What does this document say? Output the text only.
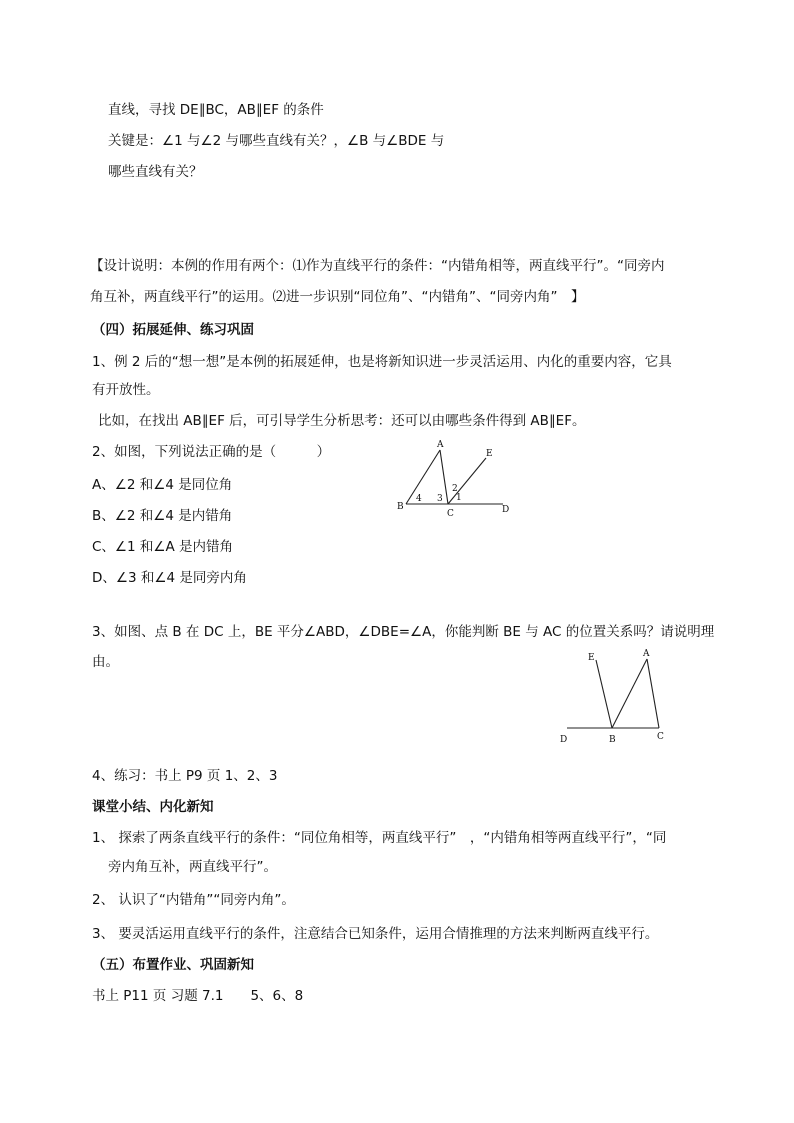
直线，寻找 DE∥BC，AB∥EF 的条件
关键是：∠1 与∠2 与哪些直线有关？，∠B 与∠BDE 与
哪些直线有关？
【设计说明：本例的作用有两个：⑴作为直线平行的条件：“内错角相等，两直线平行”。“同旁内
角互补，两直线平行”的运用。⑵进一步识别“同位角”、“内错角”、“同旁内角”　】
（四）拓展延伸、练习巩固
1、例 2 后的“想一想”是本例的拓展延伸，也是将新知识进一步灵活运用、内化的重要内容，它具
有开放性。
比如，在找出 AB∥EF 后，可引导学生分析思考：还可以由哪些条件得到 AB∥EF。
2、如图，下列说法正确的是（　　　）
A、∠2 和∠4 是同位角
B、∠2 和∠4 是内错角
C、∠1 和∠A 是内错角
D、∠3 和∠4 是同旁内角
A
B
C	D
E
2
1
3
4
3、如图、点 B 在 DC 上，BE 平分∠ABD，∠DBE=∠A，你能判断 BE 与 AC 的位置关系吗？请说明理
由。	A
E
D	B	C
4、练习：书上 P9 页 1、2、3
课堂小结、内化新知
1、 探索了两条直线平行的条件：“同位角相等，两直线平行”　，“内错角相等两直线平行”，“同
旁内角互补，两直线平行”。
2、 认识了“内错角”“同旁内角”。
3、 要灵活运用直线平行的条件，注意结合已知条件，运用合情推理的方法来判断两直线平行。
（五）布置作业、巩固新知
书上 P11 页 习题 7.1　　5、6、8
